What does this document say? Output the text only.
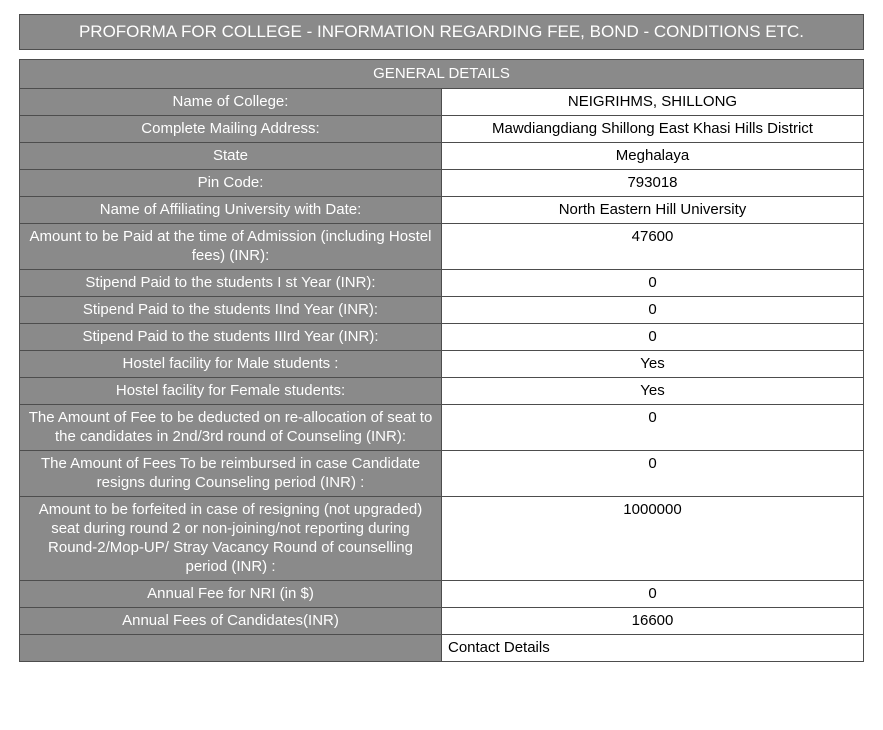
PROFORMA FOR COLLEGE - INFORMATION REGARDING FEE, BOND - CONDITIONS ETC.
GENERAL DETAILS	
Name of College:	NEIGRIHMS, SHILLONG
Complete Mailing Address:	Mawdiangdiang Shillong East Khasi Hills District
State	Meghalaya
Pin Code:	793018
Name of Affiliating University with Date:	North Eastern Hill University
Amount to be Paid at the time of Admission (including Hostel fees) (INR):	47600
Stipend Paid to the students I st Year (INR):	0
Stipend Paid to the students IInd Year (INR):	0
Stipend Paid to the students IIIrd Year (INR):	0
Hostel facility for Male students :	Yes
Hostel facility for Female students:	Yes
The Amount of Fee to be deducted on re-allocation of seat to the candidates in 2nd/3rd round of Counseling (INR):	0
The Amount of Fees To be reimbursed in case Candidate resigns during Counseling period (INR) :	0
Amount to be forfeited in case of resigning (not upgraded) seat during round 2 or non-joining/not reporting during Round-2/Mop-UP/ Stray Vacancy Round of counselling period (INR) :	1000000
Annual Fee for NRI (in $)	0
Annual Fees of Candidates(INR)	16600
	Contact Details
